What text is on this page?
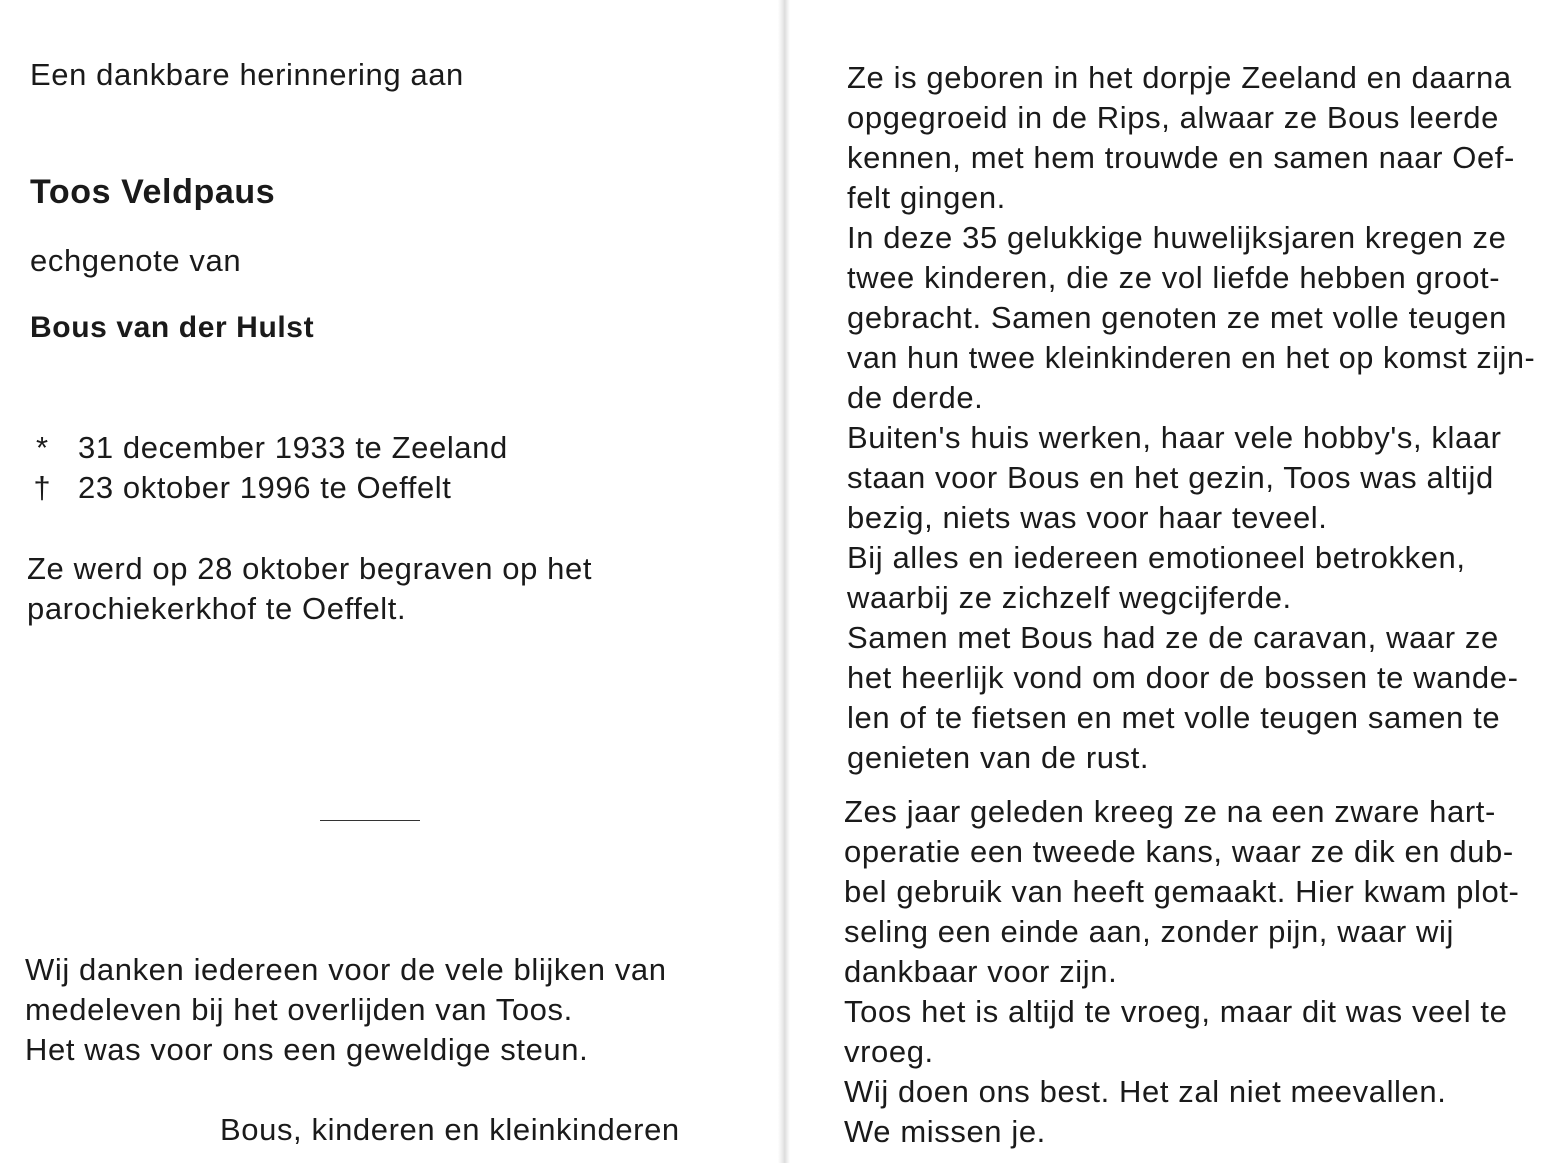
Een dankbare herinnering aan
Toos Veldpaus
echgenote van
Bous van der Hulst
* 31 december 1933 te Zeeland
† 23 oktober 1996 te Oeffelt
Ze werd op 28 oktober begraven op het
parochiekerkhof te Oeffelt.
Wij danken iedereen voor de vele blijken van
medeleven bij het overlijden van Toos.
Het was voor ons een geweldige steun.
Bous, kinderen en kleinkinderen
Ze is geboren in het dorpje Zeeland en daarna
opgegroeid in de Rips, alwaar ze Bous leerde
kennen, met hem trouwde en samen naar Oef-
felt gingen.
In deze 35 gelukkige huwelijksjaren kregen ze
twee kinderen, die ze vol liefde hebben groot-
gebracht. Samen genoten ze met volle teugen
van hun twee kleinkinderen en het op komst zijn-
de derde.
Buiten's huis werken, haar vele hobby's, klaar
staan voor Bous en het gezin, Toos was altijd
bezig, niets was voor haar teveel.
Bij alles en iedereen emotioneel betrokken,
waarbij ze zichzelf wegcijferde.
Samen met Bous had ze de caravan, waar ze
het heerlijk vond om door de bossen te wande-
len of te fietsen en met volle teugen samen te
genieten van de rust.
Zes jaar geleden kreeg ze na een zware hart-
operatie een tweede kans, waar ze dik en dub-
bel gebruik van heeft gemaakt. Hier kwam plot-
seling een einde aan, zonder pijn, waar wij
dankbaar voor zijn.
Toos het is altijd te vroeg, maar dit was veel te
vroeg.
Wij doen ons best. Het zal niet meevallen.
We missen je.
